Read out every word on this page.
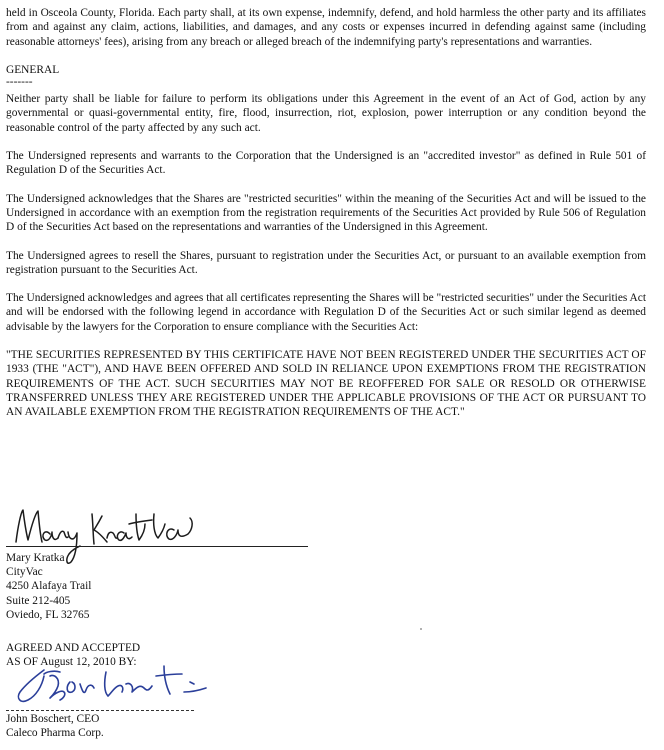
held in Osceola County, Florida. Each party shall, at its own expense, indemnify, defend, and hold harmless the other party and its affiliates from and against any claim, actions, liabilities, and damages, and any costs or expenses incurred in defending against same (including reasonable attorneys' fees), arising from any breach or alleged breach of the indemnifying party's representations and warranties.

GENERAL

-------

Neither party shall be liable for failure to perform its obligations under this Agreement in the event of an Act of God, action by any governmental or quasi-governmental entity, fire, flood, insurrection, riot, explosion, power interruption or any condition beyond the reasonable control of the party affected by any such act.

The Undersigned represents and warrants to the Corporation that the Undersigned is an "accredited investor" as defined in Rule 501 of Regulation D of the Securities Act.

The Undersigned acknowledges that the Shares are "restricted securities" within the meaning of the Securities Act and will be issued to the Undersigned in accordance with an exemption from the registration requirements of the Securities Act provided by Rule 506 of Regulation D of the Securities Act based on the representations and warranties of the Undersigned in this Agreement.

The Undersigned agrees to resell the Shares, pursuant to registration under the Securities Act, or pursuant to an available exemption from registration pursuant to the Securities Act.

The Undersigned acknowledges and agrees that all certificates representing the Shares will be "restricted securities" under the Securities Act and will be endorsed with the following legend in accordance with Regulation D of the Securities Act or such similar legend as deemed advisable by the lawyers for the Corporation to ensure compliance with the Securities Act:

"THE SECURITIES REPRESENTED BY THIS CERTIFICATE HAVE NOT BEEN REGISTERED UNDER THE SECURITIES ACT OF 1933 (THE "ACT"), AND HAVE BEEN OFFERED AND SOLD IN RELIANCE UPON EXEMPTIONS FROM THE REGISTRATION REQUIREMENTS OF THE ACT. SUCH SECURITIES MAY NOT BE REOFFERED FOR SALE OR RESOLD OR OTHERWISE TRANSFERRED UNLESS THEY ARE REGISTERED UNDER THE APPLICABLE PROVISIONS OF THE ACT OR PURSUANT TO AN AVAILABLE EXEMPTION FROM THE REGISTRATION REQUIREMENTS OF THE ACT."

Mary Kratka
CityVac
4250 Alafaya Trail
Suite 212-405
Oviedo, FL 32765
AGREED AND ACCEPTED
AS OF August 12, 2010 BY:
John Boschert, CEO
Caleco Pharma Corp.
